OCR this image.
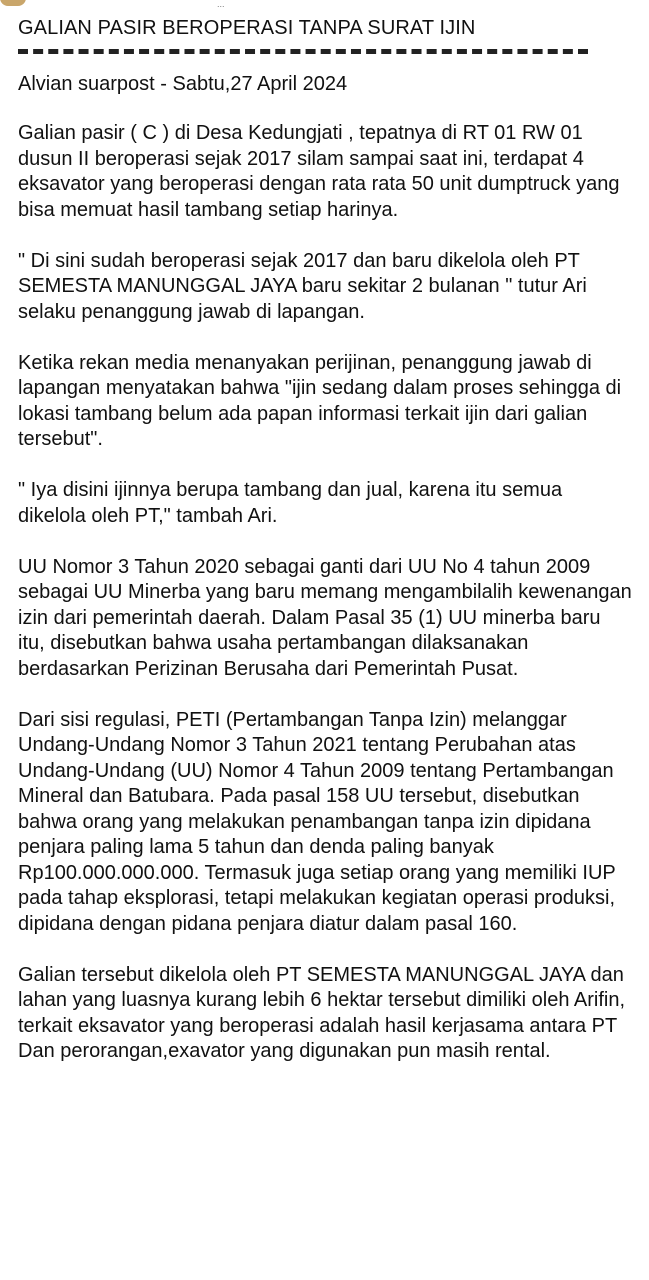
...
GALIAN PASIR BEROPERASI TANPA SURAT IJIN
Alvian suarpost - Sabtu,27 April 2024

Galian pasir ( C ) di Desa Kedungjati , tepatnya di RT 01 RW 01 dusun II beroperasi sejak 2017 silam sampai saat ini, terdapat 4 eksavator yang beroperasi dengan rata rata 50 unit dumptruck yang bisa memuat hasil tambang setiap harinya.

" Di sini sudah beroperasi sejak 2017 dan baru dikelola oleh PT SEMESTA MANUNGGAL JAYA baru sekitar 2 bulanan " tutur Ari selaku penanggung jawab di lapangan.

Ketika rekan media menanyakan perijinan, penanggung jawab di lapangan menyatakan bahwa "ijin sedang dalam proses sehingga di lokasi tambang belum ada papan informasi terkait ijin dari galian tersebut".

" Iya disini ijinnya berupa tambang dan jual, karena itu semua dikelola oleh PT," tambah Ari.

UU Nomor 3 Tahun 2020 sebagai ganti dari UU No 4 tahun 2009 sebagai UU Minerba yang baru memang mengambilalih kewenangan izin dari pemerintah daerah. Dalam Pasal 35 (1) UU minerba baru itu, disebutkan bahwa usaha pertambangan dilaksanakan berdasarkan Perizinan Berusaha dari Pemerintah Pusat.

Dari sisi regulasi, PETI (Pertambangan Tanpa Izin) melanggar Undang-Undang Nomor 3 Tahun 2021 tentang Perubahan atas Undang-Undang (UU) Nomor 4 Tahun 2009 tentang Pertambangan Mineral dan Batubara. Pada pasal 158 UU tersebut, disebutkan bahwa orang yang melakukan penambangan tanpa izin dipidana penjara paling lama 5 tahun dan denda paling banyak Rp100.000.000.000. Termasuk juga setiap orang yang memiliki IUP pada tahap eksplorasi, tetapi melakukan kegiatan operasi produksi, dipidana dengan pidana penjara diatur dalam pasal 160.

Galian tersebut dikelola oleh PT SEMESTA MANUNGGAL JAYA dan lahan yang luasnya kurang lebih 6 hektar tersebut dimiliki oleh Arifin, terkait eksavator yang beroperasi adalah hasil kerjasama antara PT Dan perorangan,exavator yang digunakan pun masih rental.
